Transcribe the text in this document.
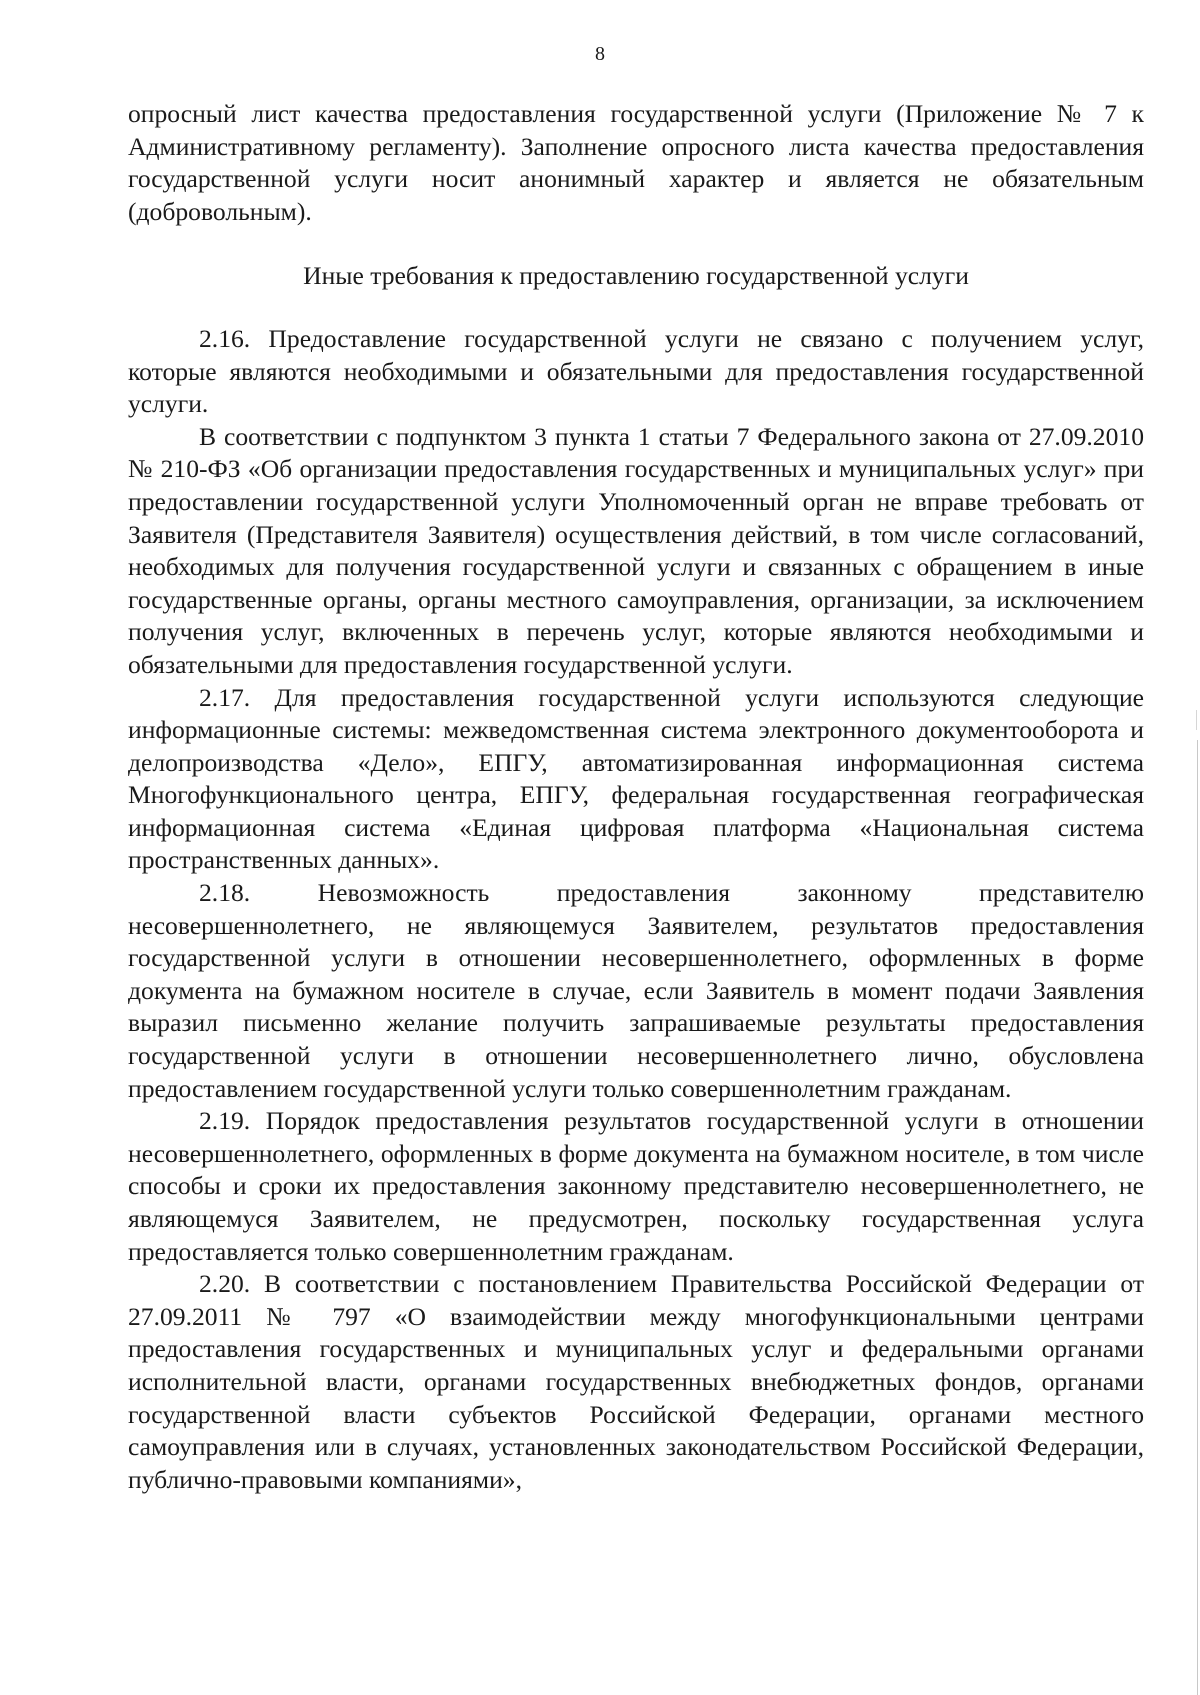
8

опросный лист качества предоставления государственной услуги (Приложение № 7 к Административному регламенту). Заполнение опросного листа качества предоставления государственной услуги носит анонимный характер и является не обязательным (добровольным).

Иные требования к предоставлению государственной услуги

2.16. Предоставление государственной услуги не связано с получением услуг, которые являются необходимыми и обязательными для предоставления государственной услуги.

В соответствии с подпунктом 3 пункта 1 статьи 7 Федерального закона от 27.09.2010 № 210-ФЗ «Об организации предоставления государственных и муниципальных услуг» при предоставлении государственной услуги Уполномоченный орган не вправе требовать от Заявителя (Представителя Заявителя) осуществления действий, в том числе согласований, необходимых для получения государственной услуги и связанных с обращением в иные государственные органы, органы местного самоуправления, организации, за исключением получения услуг, включенных в перечень услуг, которые являются необходимыми и обязательными для предоставления государственной услуги.

2.17. Для предоставления государственной услуги используются следующие информационные системы: межведомственная система электронного документооборота и делопроизводства «Дело», ЕПГУ, автоматизированная информационная система Многофункционального центра, ЕПГУ, федеральная государственная географическая информационная система «Единая цифровая платформа «Национальная система пространственных данных».

2.18. Невозможность предоставления законному представителю несовершеннолетнего, не являющемуся Заявителем, результатов предоставления государственной услуги в отношении несовершеннолетнего, оформленных в форме документа на бумажном носителе в случае, если Заявитель в момент подачи Заявления выразил письменно желание получить запрашиваемые результаты предоставления государственной услуги в отношении несовершеннолетнего лично, обусловлена предоставлением государственной услуги только совершеннолетним гражданам.

2.19. Порядок предоставления результатов государственной услуги в отношении несовершеннолетнего, оформленных в форме документа на бумажном носителе, в том числе способы и сроки их предоставления законному представителю несовершеннолетнего, не являющемуся Заявителем, не предусмотрен, поскольку государственная услуга предоставляется только совершеннолетним гражданам.

2.20. В соответствии с постановлением Правительства Российской Федерации от 27.09.2011 № 797 «О взаимодействии между многофункциональными центрами предоставления государственных и муниципальных услуг и федеральными органами исполнительной власти, органами государственных внебюджетных фондов, органами государственной власти субъектов Российской Федерации, органами местного самоуправления или в случаях, установленных законодательством Российской Федерации, публично-правовыми компаниями»,
